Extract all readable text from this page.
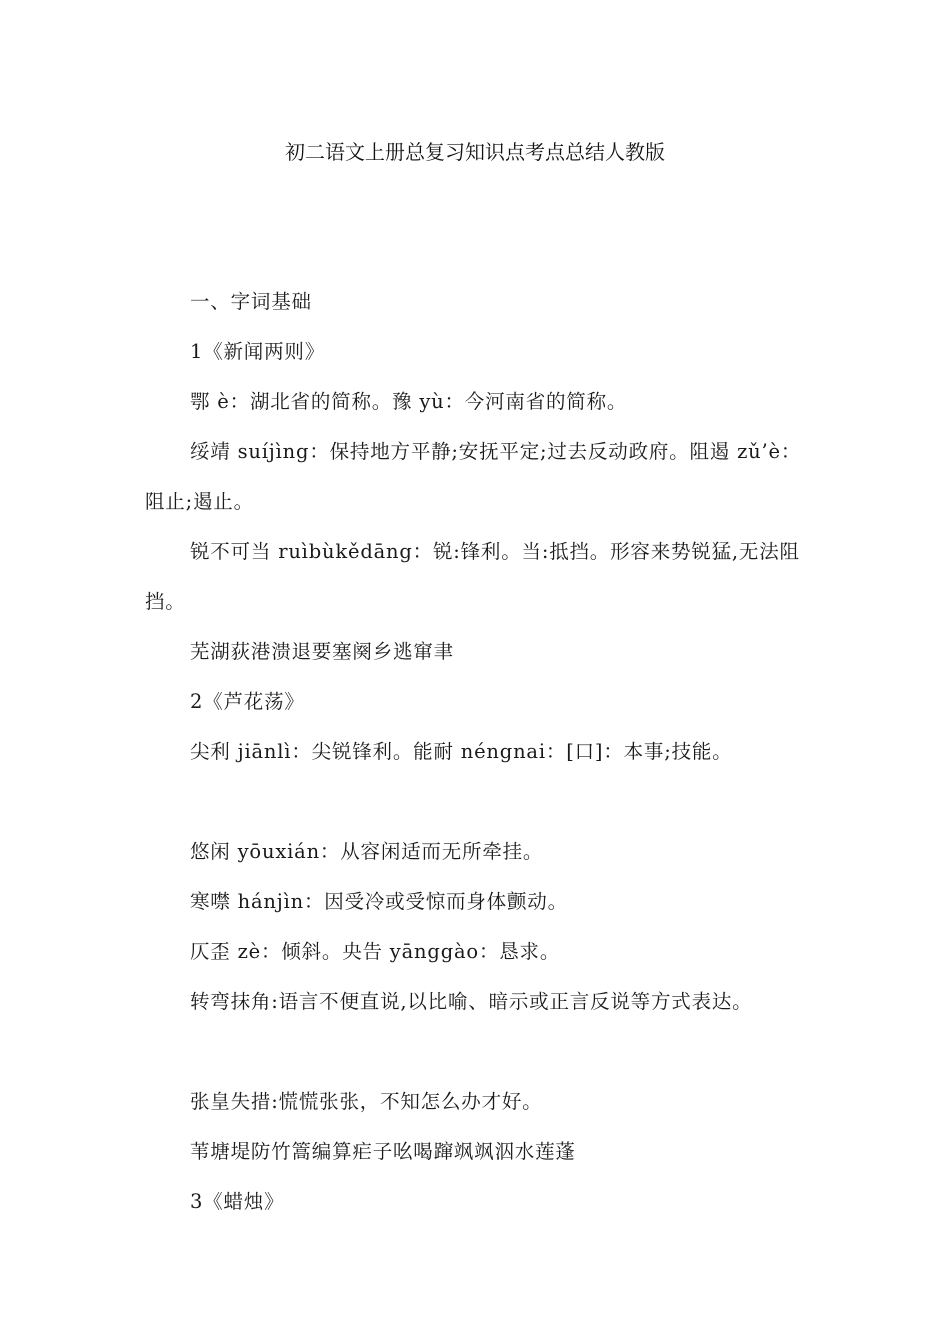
初二语文上册总复习知识点考点总结人教版

一、字词基础

1《新闻两则》

鄂 è：湖北省的简称。豫 yù：今河南省的简称。

绥靖 suíjìng：保持地方平静;安抚平定;过去反动政府。阻遏 zǔ’è：阻止;遏止。

锐不可当 ruìbùkědāng：锐:锋利。当:抵挡。形容来势锐猛,无法阻挡。

芜湖荻港溃退要塞阕乡逃窜聿

2《芦花荡》

尖利 jiānlì：尖锐锋利。能耐 néngnai：[口]：本事;技能。

悠闲 yōuxián：从容闲适而无所牵挂。

寒噤 hánjìn：因受冷或受惊而身体颤动。

仄歪 zè：倾斜。央告 yānggào：恳求。

转弯抹角:语言不便直说,以比喻、暗示或正言反说等方式表达。

张皇失措:慌慌张张，不知怎么办才好。

苇塘堤防竹篙编算疟子吆喝蹿飒飒泅水莲蓬

3《蜡烛》
